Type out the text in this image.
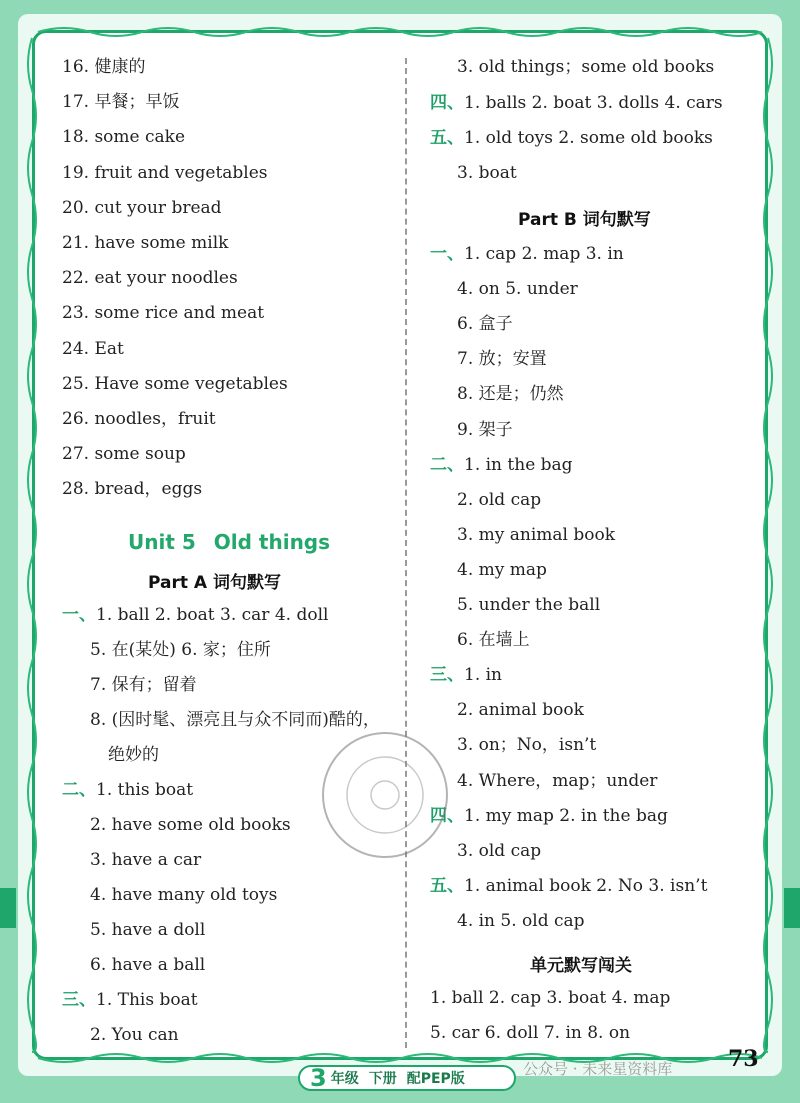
16. 健康的
17. 早餐；早饭
18. some cake
19. fruit and vegetables
20. cut your bread
21. have some milk
22. eat your noodles
23. some rice and meat
24. Eat
25. Have some vegetables
26. noodles，fruit
27. some soup
28. bread，eggs
Unit 5 Old things
Part A 词句默写
一、1. ball 2. boat 3. car 4. doll
5. 在(某处) 6. 家；住所
7. 保有；留着
8. (因时髦、漂亮且与众不同而)酷的，
绝妙的
二、1. this boat
2. have some old books
3. have a car
4. have many old toys
5. have a doll
6. have a ball
三、1. This boat
2. You can
3. old things；some old books
四、1. balls 2. boat 3. dolls 4. cars
五、1. old toys 2. some old books
3. boat
Part B 词句默写
一、1. cap 2. map 3. in
4. on 5. under
6. 盒子
7. 放；安置
8. 还是；仍然
9. 架子
二、1. in the bag
2. old cap
3. my animal book
4. my map
5. under the ball
6. 在墙上
三、1. in
2. animal book
3. on；No，isn’t
4. Where，map；under
四、1. my map 2. in the bag
3. old cap
五、1. animal book 2. No 3. isn’t
4. in 5. old cap
单元默写闯关
1. ball 2. cap 3. boat 4. map
5. car 6. doll 7. in 8. on
公众号 · 未来星资料库	73
3 年级 下册 配PEP版
